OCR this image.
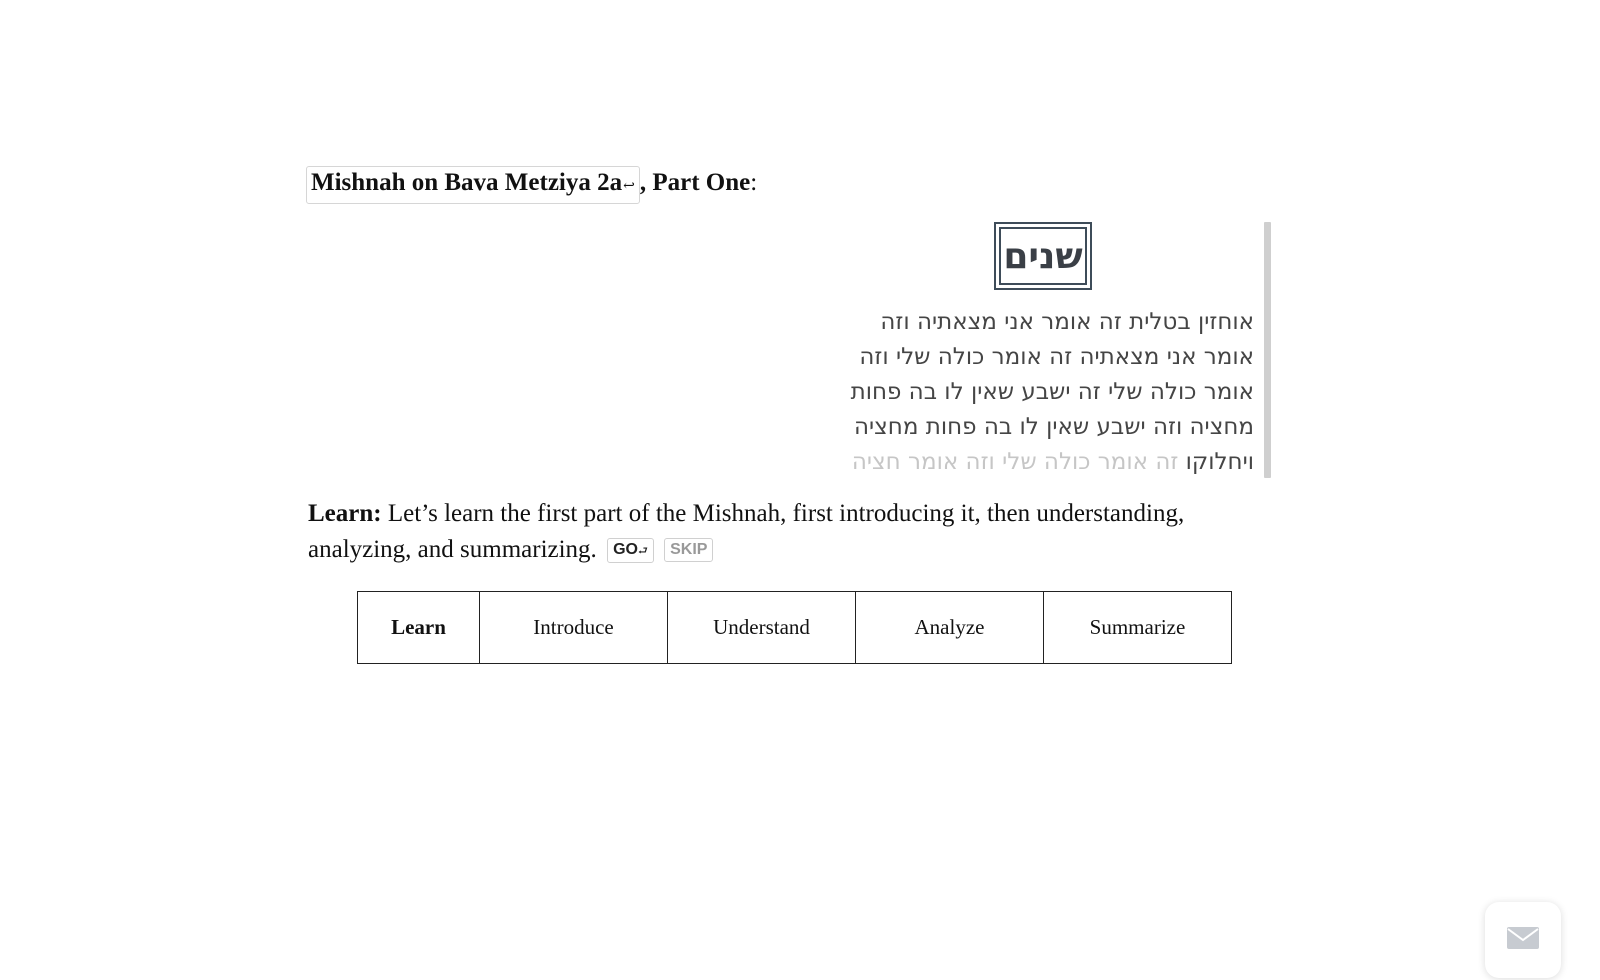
Mishnah on Bava Metziya 2a↩ , Part One:
שנים
אוחזין בטלית זה אומר אני מצאתיה וזה
אומר אני מצאתיה זה אומר כולה שלי וזה
אומר כולה שלי זה ישבע שאין לו בה פחות
מחציה וזה ישבע שאין לו בה פחות מחציה
ויחלוקו זה אומר כולה שלי וזה אומר חציה
Learn: Let’s learn the first part of the Mishnah, first introducing it, then understanding, analyzing, and summarizing. GO⮐ SKIP
Learn	Introduce	Understand	Analyze	Summarize
